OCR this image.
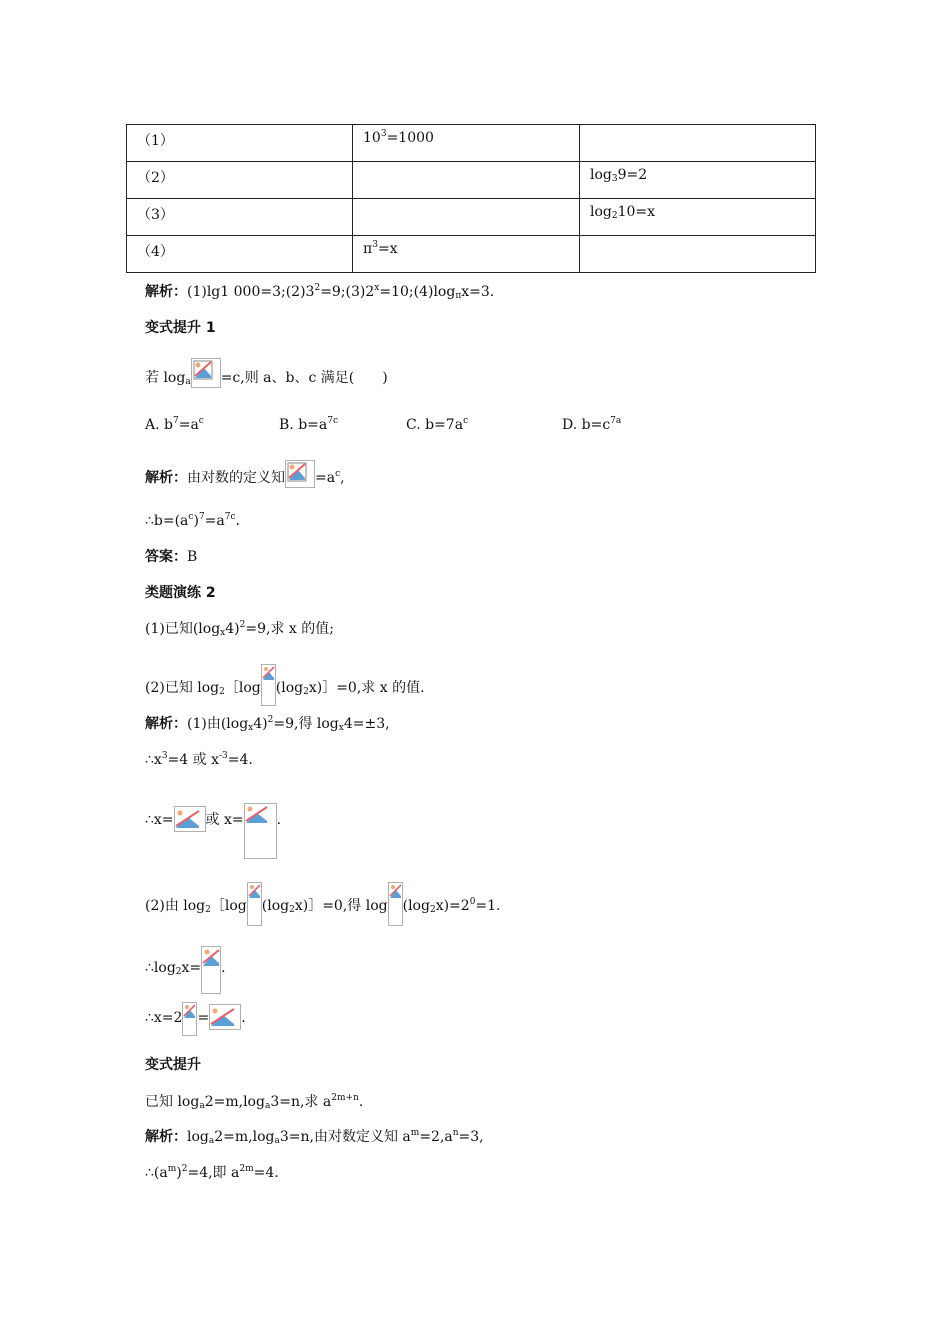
（1）	$10^3=1000$	
（2）		$\log_39=2$
（3）		$\log_210=x$
（4）	$\pi^3=x$	
解析：(1)lg1 $000=3;(2)3^2=9;(3)2^x=10;(4)\log_\pi x=3$.
变式提升 1
若 $\log_a =c$,则 a、b、c 满足(　　)
A. $b^7=a^c$	B. $b=a^{7c}$	C. $b=7a^c$	D. $b=c^{7a}$
解析：由对数的定义知 $=a^c$,
$\therefore b=(a^c)^7=a^{7c}$.
答案：B
类题演练 2
(1)已知$(\log_x4)^2=9$,求 x 的值;
(2)已知 $\log_2[\log$ $(\log_2x)]=0$,求 x 的值.
解析：(1)由$(\log_x4)^2=9$,得 $\log_x4=\pm 3$,
$\therefore x^3=4$ 或 $x^{-3}=4$.
∴x= 或 x= .
(2)由 $\log_2[\log$ $(\log_2x)]=0$,得 $\log (\log_2x)=2^0=1$.
$\therefore\log_2x=$ .
∴x=2 = .
变式提升
已知 $\log_a2=m,\log_a3=n$,求 $a^{2m+n}$.
解析：$\log_a2=m,\log_a3=n$,由对数定义知 $a^m=2,a^n=3$,
$\therefore(a^m)^2=4$,即 $a^{2m}=4$.
